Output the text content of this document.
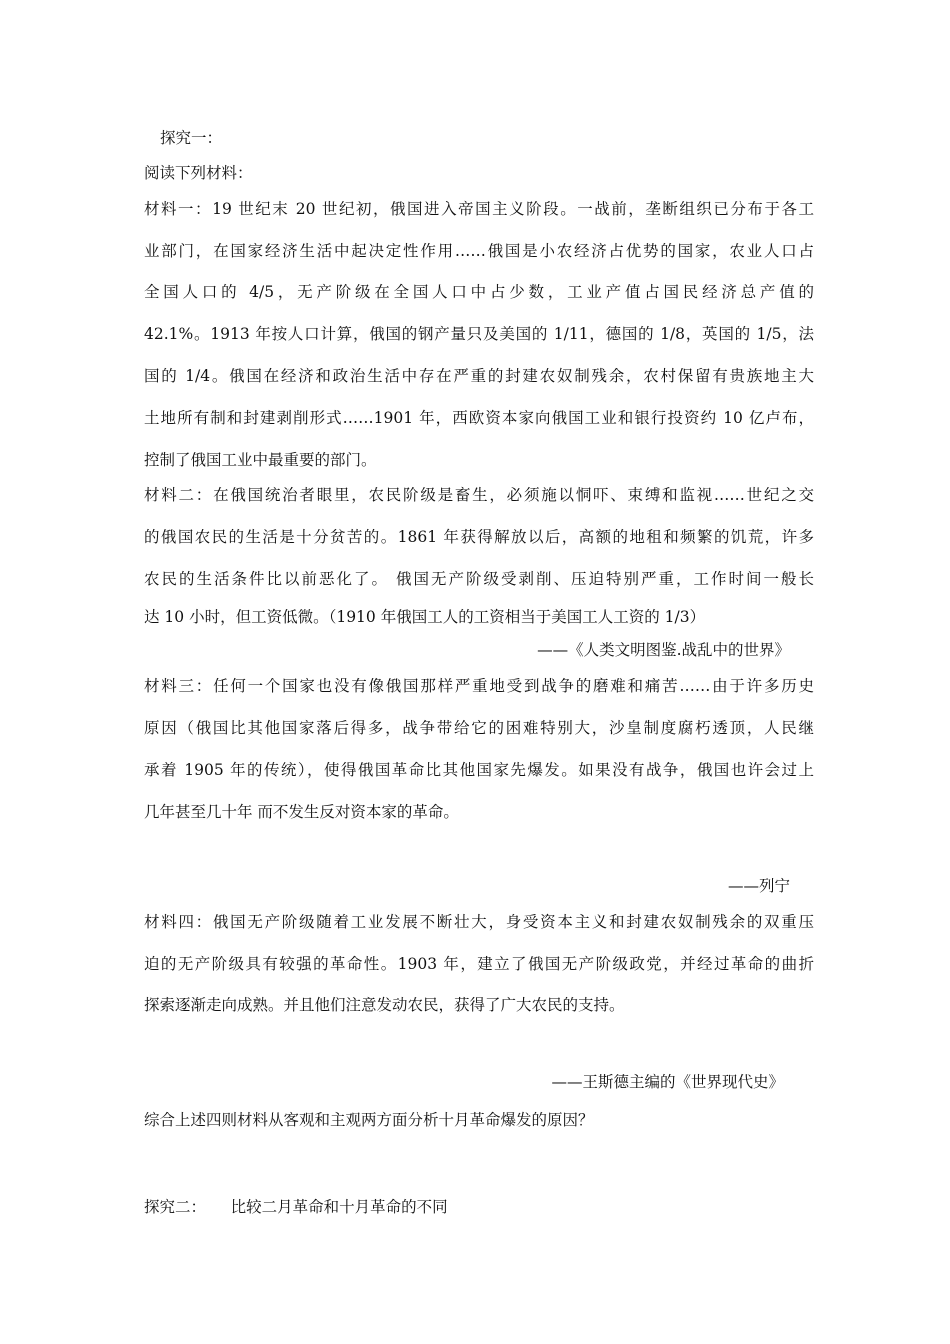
探究一：
阅读下列材料：
材料一：19 世纪末 20 世纪初，俄国进入帝国主义阶段。一战前，垄断组织已分布于各工
业部门，在国家经济生活中起决定性作用……俄国是小农经济占优势的国家，农业人口占
全国人口的 4/5，无产阶级在全国人口中占少数，工业产值占国民经济总产值的
42.1%。1913 年按人口计算，俄国的钢产量只及美国的 1/11，德国的 1/8，英国的 1/5，法
国的 1/4。俄国在经济和政治生活中存在严重的封建农奴制残余，农村保留有贵族地主大
土地所有制和封建剥削形式……1901 年，西欧资本家向俄国工业和银行投资约 10 亿卢布，
控制了俄国工业中最重要的部门。
材料二：在俄国统治者眼里，农民阶级是畜生，必须施以恫吓、束缚和监视……世纪之交
的俄国农民的生活是十分贫苦的。1861 年获得解放以后，高额的地租和频繁的饥荒，许多
农民的生活条件比以前恶化了。 俄国无产阶级受剥削、压迫特别严重，工作时间一般长
达 10 小时，但工资低微。（1910 年俄国工人的工资相当于美国工人工资的 1/3）
——《人类文明图鉴.战乱中的世界》
材料三：任何一个国家也没有像俄国那样严重地受到战争的磨难和痛苦……由于许多历史
原因（俄国比其他国家落后得多，战争带给它的困难特别大，沙皇制度腐朽透顶，人民继
承着 1905 年的传统），使得俄国革命比其他国家先爆发。如果没有战争，俄国也许会过上
几年甚至几十年 而不发生反对资本家的革命。
——列宁
材料四：俄国无产阶级随着工业发展不断壮大，身受资本主义和封建农奴制残余的双重压
迫的无产阶级具有较强的革命性。1903 年，建立了俄国无产阶级政党，并经过革命的曲折
探索逐渐走向成熟。并且他们注意发动农民，获得了广大农民的支持。
——王斯德主编的《世界现代史》
综合上述四则材料从客观和主观两方面分析十月革命爆发的原因？
探究二：     比较二月革命和十月革命的不同
